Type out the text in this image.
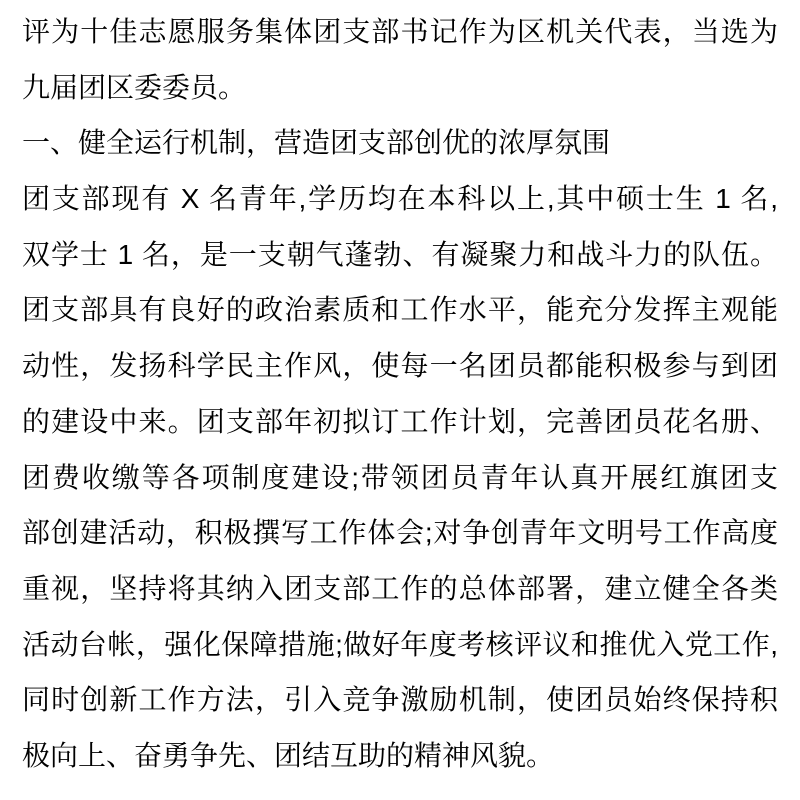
评为十佳志愿服务集体团支部书记作为区机关代表，当选为
九届团区委委员。
一、健全运行机制，营造团支部创优的浓厚氛围
团支部现有 X 名青年,学历均在本科以上,其中硕士生 1 名,
双学士 1 名，是一支朝气蓬勃、有凝聚力和战斗力的队伍。
团支部具有良好的政治素质和工作水平，能充分发挥主观能
动性，发扬科学民主作风，使每一名团员都能积极参与到团
的建设中来。团支部年初拟订工作计划，完善团员花名册、
团费收缴等各项制度建设;带领团员青年认真开展红旗团支
部创建活动，积极撰写工作体会;对争创青年文明号工作高度
重视，坚持将其纳入团支部工作的总体部署，建立健全各类
活动台帐，强化保障措施;做好年度考核评议和推优入党工作,
同时创新工作方法，引入竞争激励机制，使团员始终保持积
极向上、奋勇争先、团结互助的精神风貌。
